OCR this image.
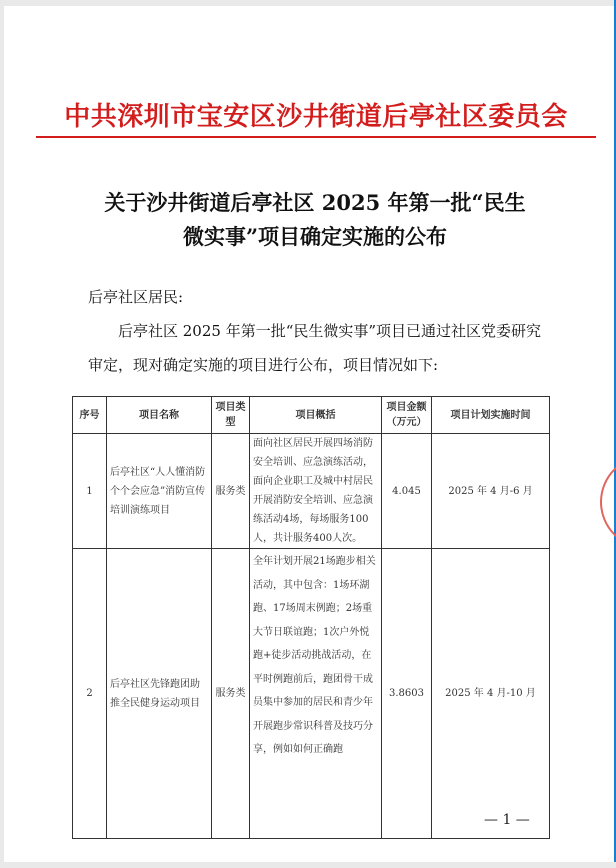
中共深圳市宝安区沙井街道后亭社区委员会
关于沙井街道后亭社区 2025 年第一批“民生
微实事”项目确定实施的公布
后亭社区居民:
后亭社区 2025 年第一批“民生微实事”项目已通过社区党委研究审定，现对确定实施的项目进行公布，项目情况如下:
序号	项目名称	项目类型	项目概括	项目金额（万元）	项目计划实施时间
1	后亭社区“人人懂消防 个个会应急”消防宣传培训演练项目	服务类	面向社区居民开展四场消防安全培训、应急演练活动，面向企业职工及城中村居民开展消防安全培训、应急演练活动4场，每场服务100人，共计服务400人次。	4.045	2025 年 4 月-6 月
2	后亭社区先锋跑团助推全民健身运动项目	服务类	全年计划开展21场跑步相关活动，其中包含：1场环湖跑、17场周末例跑；2场重大节日联谊跑；1次户外悦跑+徒步活动挑战活动，在平时例跑前后，跑团骨干成员集中参加的居民和青少年开展跑步常识科普及技巧分享，例如如何正确跑	3.8603	2025 年 4 月-10 月
— 1 —
